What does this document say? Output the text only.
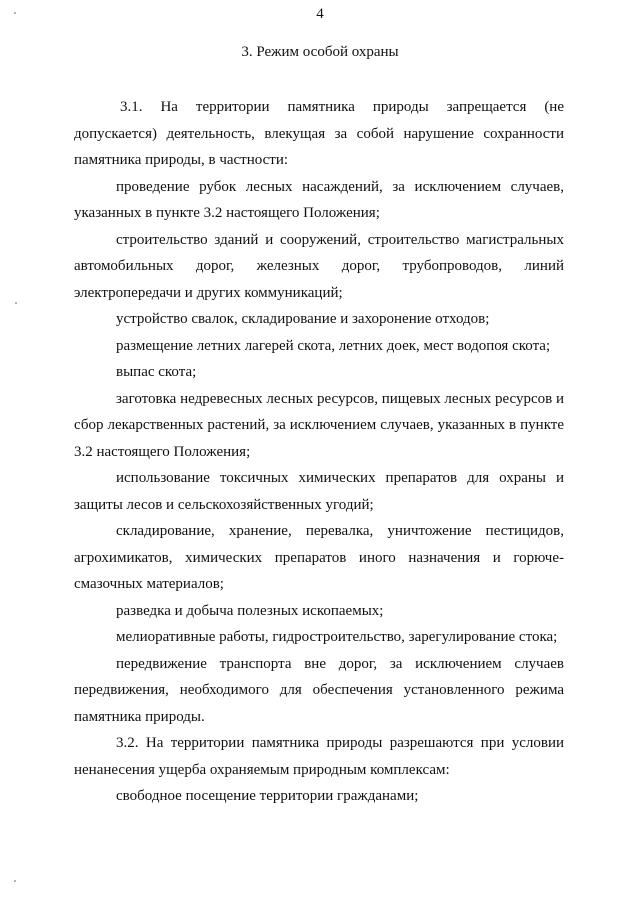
4
3. Режим особой охраны

3.1. На территории памятника природы запрещается (не допускается) деятельность, влекущая за собой нарушение сохранности памятника природы, в частности:

проведение рубок лесных насаждений, за исключением случаев, указанных в пункте 3.2 настоящего Положения;

строительство зданий и сооружений, строительство магистральных автомобильных дорог, железных дорог, трубопроводов, линий электропередачи и других коммуникаций;

устройство свалок, складирование и захоронение отходов;

размещение летних лагерей скота, летних доек, мест водопоя скота;

выпас скота;

заготовка недревесных лесных ресурсов, пищевых лесных ресурсов и сбор лекарственных растений, за исключением случаев, указанных в пункте 3.2 настоящего Положения;

использование токсичных химических препаратов для охраны и защиты лесов и сельскохозяйственных угодий;

складирование, хранение, перевалка, уничтожение пестицидов, агрохимикатов, химических препаратов иного назначения и горюче-смазочных материалов;

разведка и добыча полезных ископаемых;

мелиоративные работы, гидростроительство, зарегулирование стока;

передвижение транспорта вне дорог, за исключением случаев передвижения, необходимого для обеспечения установленного режима памятника природы.

3.2. На территории памятника природы разрешаются при условии ненанесения ущерба охраняемым природным комплексам:

свободное посещение территории гражданами;
